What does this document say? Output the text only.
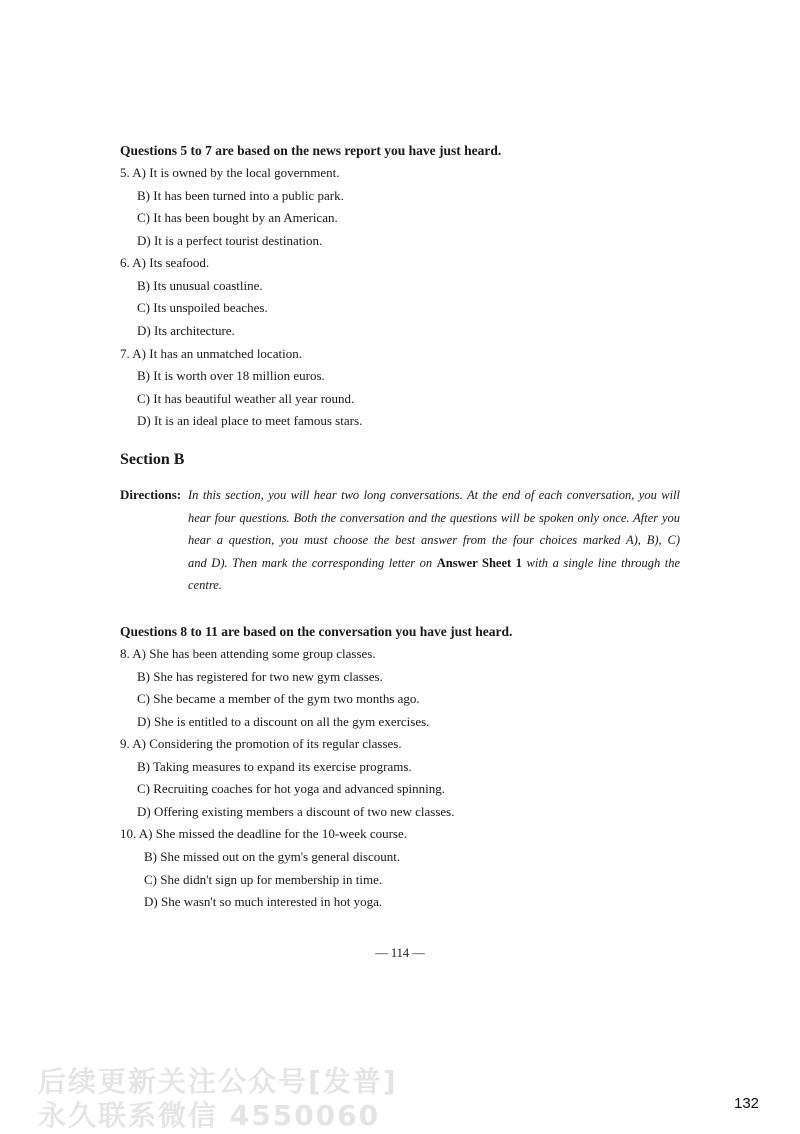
Questions 5 to 7 are based on the news report you have just heard.
5. A) It is owned by the local government.
B) It has been turned into a public park.
C) It has been bought by an American.
D) It is a perfect tourist destination.
6. A) Its seafood.
B) Its unusual coastline.
C) Its unspoiled beaches.
D) Its architecture.
7. A) It has an unmatched location.
B) It is worth over 18 million euros.
C) It has beautiful weather all year round.
D) It is an ideal place to meet famous stars.
Section B
Directions: In this section, you will hear two long conversations. At the end of each conversation, you will
hear four questions. Both the conversation and the questions will be spoken only once. After you
hear a question, you must choose the best answer from the four choices marked A), B), C)
and D). Then mark the corresponding letter on Answer Sheet 1 with a single line through the
centre.
Questions 8 to 11 are based on the conversation you have just heard.
8. A) She has been attending some group classes.
B) She has registered for two new gym classes.
C) She became a member of the gym two months ago.
D) She is entitled to a discount on all the gym exercises.
9. A) Considering the promotion of its regular classes.
B) Taking measures to expand its exercise programs.
C) Recruiting coaches for hot yoga and advanced spinning.
D) Offering existing members a discount of two new classes.
10. A) She missed the deadline for the 10-week course.
B) She missed out on the gym's general discount.
C) She didn't sign up for membership in time.
D) She wasn't so much interested in hot yoga.
— 114 —
后续更新关注公众号[发普]
永久联系微信 4550060	132
